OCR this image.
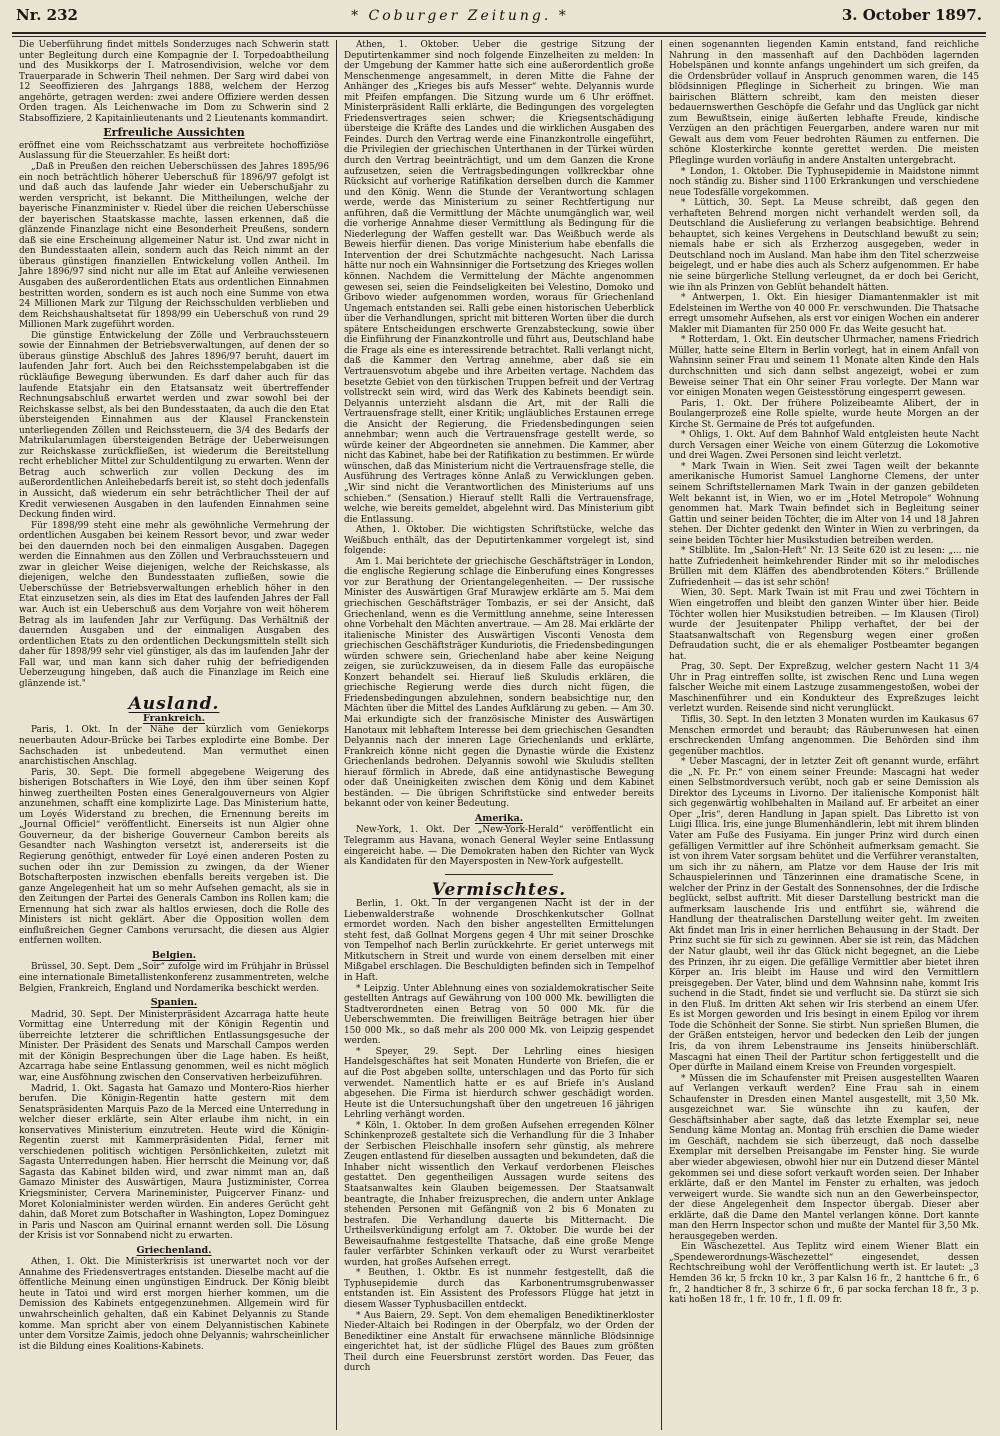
Nr. 232	* Coburger Zeitung. *	3. October 1897.

Die Ueberführung findet mittels Sonderzuges nach Schwerin statt unter Begleitung durch eine Kompagnie der I. Torpedoabtheilung und des Musikkorps der I. Matrosendivision, welche vor dem Trauerparade in Schwerin Theil nehmen. Der Sarg wird dabei von 12 Seeoffizieren des Jahrgangs 1888, welchem der Herzog angehörte, getragen werden: zwei andere Offiziere werden dessen Orden tragen. Als Leichenwache im Dom zu Schwerin sind 2 Stabsoffiziere, 2 Kapitainlieutenants und 2 Lieutenants kommandirt.

Erfreuliche Aussichten

eröffnet eine vom Reichsschatzamt aus verbreitete hochoffiziöse Auslassung für die Steuerzahler. Es heißt dort:

„Daß in Preußen den reichen Ueberschüssen des Jahres 1895/96 ein noch beträchtlich höherer Ueberschuß für 1896/97 gefolgt ist und daß auch das laufende Jahr wieder ein Ueberschußjahr zu werden verspricht, ist bekannt. Die Mittheilungen, welche der bayerische Finanzminister v. Riedel über die reichen Ueberschüsse der bayerischen Staatskasse machte, lassen erkennen, daß die glänzende Finanzlage nicht eine Besonderheit Preußens, sondern daß sie eine Erscheinung allgemeiner Natur ist. Und zwar nicht in den Bundesstaaten allein, sondern auch das Reich nimmt an der überaus günstigen finanziellen Entwickelung vollen Antheil. Im Jahre 1896/97 sind nicht nur alle im Etat auf Anleihe verwiesenen Ausgaben des außerordentlichen Etats aus ordentlichen Einnahmen bestritten worden, sondern es ist auch noch eine Summe von etwa 24 Millionen Mark zur Tilgung der Reichsschulden verblieben und dem Reichshaushaltsetat für 1898/99 ein Ueberschuß von rund 29 Millionen Mark zugeführt worden.

Die günstige Entwickelung der Zölle und Verbrauchssteuern sowie der Einnahmen der Betriebsverwaltungen, auf denen der so überaus günstige Abschluß des Jahres 1896/97 beruht, dauert im laufenden Jahr fort. Auch bei den Reichsstempelabgaben ist die rückläufige Bewegung überwunden. Es darf daher auch für das laufende Etatsjahr ein den Etatsansatz weit übertreffender Rechnungsabschluß erwartet werden und zwar sowohl bei der Reichskasse selbst, als bei den Bundesstaaten, da auch die den Etat übersteigenden Einnahmen aus der Klausel Franckenstein unterliegenden Zöllen und Reichssteuern, die 3/4 des Bedarfs der Matrikularumlagen übersteigenden Beträge der Ueberweisungen zur Reichskasse zurückfließen, ist wiederum die Bereitstellung recht erheblicher Mittel zur Schuldentilgung zu erwarten. Wenn der Betrag auch schwerlich zur vollen Deckung des im außerordentlichen Anleihebedarfs bereit ist, so steht doch jedenfalls in Aussicht, daß wiederum ein sehr beträchtlicher Theil der auf Kredit verwiesenen Ausgaben in den laufenden Einnahmen seine Deckung finden wird.

Für 1898/99 steht eine mehr als gewöhnliche Vermehrung der ordentlichen Ausgaben bei keinem Ressort bevor, und zwar weder bei den dauernden noch bei den einmaligen Ausgaben. Dagegen werden die Einnahmen aus den Zöllen und Verbrauchssteuern und zwar in gleicher Weise diejenigen, welche der Reichskasse, als diejenigen, welche den Bundesstaaten zufließen, sowie die Ueberschüsse der Betriebsverwaltungen erheblich höher in den Etat einzusetzen sein, als dies im Etat des laufenden Jahres der Fall war. Auch ist ein Ueberschuß aus dem Vorjahre von weit höherem Betrag als im laufenden Jahr zur Verfügung. Das Verhältniß der dauernden Ausgaben und der einmaligen Ausgaben des ordentlichen Etats zu den ordentlichen Deckungsmitteln stellt sich daher für 1898/99 sehr viel günstiger, als das im laufenden Jahr der Fall war, und man kann sich daher ruhig der befriedigenden Ueberzeugung hingeben, daß auch die Finanzlage im Reich eine glänzende ist."

Ausland.
Frankreich.

Paris, 1. Okt. In der Nähe der kürzlich vom Geniekorps neuerbauten Adour-Brücke bei Tarbes explodirte eine Bombe. Der Sachschaden ist unbedeutend. Man vermuthet einen anarchistischen Anschlag.

Paris, 30. Sept. Die formell abgegebene Weigerung des bisherigen Botschafters in Wie Loyé, den ihm über seinen Kopf hinweg zuertheilten Posten eines Generalgouverneurs von Algier anzunehmen, schafft eine komplizirte Lage. Das Ministerium hatte, um Loyés Widerstand zu brechen, die Ernennung bereits im „Journal Officiel“ veröffentlicht. Einerseits ist nun Algier ohne Gouverneur, da der bisherige Gouverneur Cambon bereits als Gesandter nach Washington versetzt ist, andererseits ist die Regierung genöthigt, entweder für Loyé einen anderen Posten zu suchen oder ihn zur Demission zu zwingen, da der Wiener Botschafterposten inzwischen ebenfalls bereits vergeben ist. Die ganze Angelegenheit hat um so mehr Aufsehen gemacht, als sie in den Zeitungen der Partei des Generals Cambon ins Rollen kam; die Ernennung hat sich zwar als haltlos erwiesen, doch die Rolle des Ministers ist nicht geklärt. Aber die Opposition wollen dem einflußreichen Gegner Cambons verursacht, die diesen aus Algier entfernen wollten.

Belgien.

Brüssel, 30. Sept. Dem „Soir“ zufolge wird im Frühjahr in Brüssel eine internationale Bimetallistenkonferenz zusammentreten, welche Belgien, Frankreich, England und Nordamerika beschickt werden.

Spanien.

Madrid, 30. Sept. Der Ministerpräsident Azcarraga hatte heute Vormittag eine Unterredung mit der Königin Regentin und überreichte letzterer die schriftlichen Entlassungsgesuche der Minister. Der Präsident des Senats und Marschall Campos werden mit der Königin Besprechungen über die Lage haben. Es heißt, Azcarraga habe seine Entlassung genommen, weil es nicht möglich war, eine Ausföhnung zwischen den Conservativen herbeizuführen.

Madrid, 1. Okt. Sagasta hat Gamazo und Montero-Rios hierher berufen. Die Königin-Regentin hatte gestern mit dem Senatspräsidenten Marquis Pazo de la Merced eine Unterredung in welcher dieser erklärte, sein Alter erlaube ihm nicht, in ein konservatives Ministerium einzutreten. Heute wird die Königin-Regentin zuerst mit Kammerpräsidenten Pidal, ferner mit verschiedenen politisch wichtigen Persönlichkeiten, zuletzt mit Sagasta Unterredungen haben. Hier herrscht die Meinung vor, daß Sagasta das Kabinet bilden wird, und zwar nimmt man an, daß Gamazo Minister des Auswärtigen, Maura Justizminister, Correa Kriegsminister, Cervera Marineminister, Puigcerver Finanz- und Moret Kolonialminister werden würden. Ein anderes Gerücht geht dahin, daß Moret zum Botschafter in Washington, Lopez Dominguez in Paris und Nascon am Quirinal ernannt werden soll. Die Lösung der Krisis ist vor Sonnabend nicht zu erwarten.

Griechenland.

Athen, 1. Okt. Die Ministerkrisis ist unerwartet noch vor der Annahme des Friedensvertrages entstanden. Dieselbe macht auf die öffentliche Meinung einen ungünstigen Eindruck. Der König bleibt heute in Tatoi und wird erst morgen hierher kommen, um die Demission des Kabinets entgegenzunehmen. Allgemein wird für unwahrscheinlich gehalten, daß ein Kabinet Delyannis zu Stande komme. Man spricht aber von einem Delyannistischen Kabinete unter dem Vorsitze Zaimis, jedoch ohne Delyannis; wahrscheinlicher ist die Bildung eines Koalitions-Kabinets.

Athen, 1. Oktober. Ueber die gestrige Sitzung der Deputirtenkammer sind noch folgende Einzelheiten zu melden: In der Umgebung der Kammer hatte sich eine außerordentlich große Menschenmenge angesammelt, in deren Mitte die Fahne der Anhänger des „Krieges bis aufs Messer“ wehte. Delyannis wurde mit Pfeifen empfangen. Die Sitzung wurde um 6 Uhr eröffnet. Ministerpräsident Ralli erklärte, die Bedingungen des vorgelegten Friedensvertrages seien schwer; die Kriegsentschädigung übersteige die Kräfte des Landes und die wirklichen Ausgaben des Feindes. Durch den Vertrag werde eine Finanzkontrolle eingeführt, die Privilegien der griechischen Unterthanen in der Türkei würden durch den Vertrag beeinträchtigt, und um dem Ganzen die Krone aufzusetzen, seien die Vertragsbedingungen vollkreckbar ohne Rücksicht auf vorherige Ratifikation derselben durch die Kammer und den König. Wenn die Stunde der Verantwortung schlagen werde, werde das Ministerium zu seiner Rechtfertigung nur anführen, daß die Vermittlung der Mächte unumgänglich war, weil die vorherige Annahme dieser Vermittlung als Bedingung für die Niederlegung der Waffen gestellt war. Das Weißbuch werde als Beweis hierfür dienen. Das vorige Ministerium habe ebenfalls die Intervention der drei Schutzmächte nachgesucht. Nach Larissa hätte nur noch ein Wahnsinniger die Fortsetzung des Krieges wollen können. Nachdem die Vermittelung der Mächte angenommen gewesen sei, seien die Feindseligkeiten bei Velestino, Domoko und Gribovo wieder aufgenommen worden, woraus für Griechenland Ungemach entstanden sei. Ralli gebe einen historischen Ueberblick über die Verhandlungen, spricht mit bitteren Worten über die durch spätere Entscheidungen erschwerte Grenzabsteckung, sowie über die Einführung der Finanzkontrolle und führt aus, Deutschland habe die Frage als eine es interessirende betrachtet. Ralli verlangt nicht, daß die Kammer den Vertrag annehme, aber daß sie ein Vertrauensvotum abgebe und ihre Arbeiten vertage. Nachdem das besetzte Gebiet von den türkischen Truppen befreit und der Vertrag vollstreckt sein wird, wird das Werk des Kabinets beendigt sein. Delyannis unterzieht alsdann die Art, mit der Ralli die Vertrauensfrage stellt, einer Kritik; ungläubliches Erstaunen errege die Ansicht der Regierung, die Friedensbedingungen seien annehmbar; wenn auch die Vertrauensfrage gestellt werde, so würde keiner der Abgeordneten sie annehmen. Die Kammer, aber nicht das Kabinet, habe bei der Ratifikation zu bestimmen. Er würde wünschen, daß das Ministerium nicht die Vertrauensfrage stelle, die Ausführung des Vertrages könne Anlaß zu Verwicklungen geben. „Wir sind nicht die Verantwortlichen des Ministeriums auf uns schieben.“ (Sensation.) Hierauf stellt Ralli die Vertrauensfrage, welche, wie bereits gemeldet, abgelehnt wird. Das Ministerium gibt die Entlassung.

Athen, 1. Oktober. Die wichtigsten Schriftstücke, welche das Weißbuch enthält, das der Deputirtenkammer vorgelegt ist, sind folgende:

Am 1. Mai berichtete der griechische Geschäftsträger in London, die englische Regierung schlage die Einberufung eines Kongresses vor zur Berathung der Orientangelegenheiten. — Der russische Minister des Auswärtigen Graf Murawjew erklärte am 5. Mai dem griechischen Geschäftsträger Tombazis, er sei der Ansicht, daß Griechenland, wenn es die Vermittlung annehme, seine Interessen ohne Vorbehalt den Mächten anvertraue. — Am 28. Mai erklärte der italienische Minister des Auswärtigen Visconti Venosta dem griechischen Geschäftsträger Kunduriotis, die Friedensbedingungen würden schwere sein, Griechenland habe aber keine Neigung zeigen, sie zurückzuweisen, da in diesem Falle das europäische Konzert behandelt sei. Hierauf ließ Skuludis erklären, die griechische Regierung werde dies durch nicht fügen, die Friedensbedingungen abzulehnen, sondern beabsichtige nur, den Mächten über die Mittel des Landes Aufklärung zu geben. — Am 30. Mai erkundigte sich der französische Minister des Auswärtigen Hanotaux mit lebhaftem Interesse bei dem griechischen Gesandten Delyannis nach der inneren Lage Griechenlands und erklärte, Frankreich könne nicht gegen die Dynastie würde die Existenz Griechenlands bedrohen. Delyannis sowohl wie Skuludis stellten hierauf förmlich in Abrede, daß eine antidynastische Bewegung oder daß Uneinigkeiten zwischen dem König und dem Kabinet beständen. — Die übrigen Schriftstücke sind entweder bereits bekannt oder von keiner Bedeutung.

Amerika.

New-York, 1. Okt. Der „New-York-Herald“ veröffentlicht ein Telegramm aus Havana, wonach General Weyler seine Entlassung eingereicht habe. — Die Demokraten haben den Richter van Wyck als Kandidaten für den Mayersposten in New-York aufgestellt.

Vermischtes.

Berlin, 1. Okt. In der vergangenen Nacht ist der in der Liebenwalderstraße wohnende Droschkenkutscher Gollnat ermordet worden. Nach den bisher angestellten Ermittelungen steht fest, daß Gollnat Morgens gegen 4 Uhr mit seiner Droschke von Tempelhof nach Berlin zurückkehrte. Er geriet unterwegs mit Mitkutschern in Streit und wurde von einem derselben mit einer Mißgabel erschlagen. Die Beschuldigten befinden sich in Tempelhof in Haft.

* Leipzig. Unter Ablehnung eines von sozialdemokratischer Seite gestellten Antrags auf Gewährung von 100 000 Mk. bewilligten die Stadtverordneten einen Betrag von 50 000 Mk. für die Ueberschwemmten. Die freiwilligen Beiträge betragen hier über 150 000 Mk., so daß mehr als 200 000 Mk. von Leipzig gespendet werden.

* Speyer, 29. Sept. Der Lehrling eines hiesigen Handelsgeschäftes hat seit Monaten Hunderte von Briefen, die er auf die Post abgeben sollte, unterschlagen und das Porto für sich verwendet. Namentlich hatte er es auf Briefe in's Ausland abgesehen. Die Firma ist hierdurch schwer geschädigt worden. Heute ist die Untersuchungshaft über den ungetreuen 16 jährigen Lehrling verhängt worden.

* Köln, 1. Oktober. In dem großen Aufsehen erregenden Kölner Schinkenprozeß gestaltete sich die Verhandlung für die 3 Inhaber der Serbischen Fleischhalle insofern sehr günstig, als mehrere Zeugen entlastend für dieselben aussagten und bekundeten, daß die Inhaber nicht wissentlich den Verkauf verdorbenen Fleisches gestattet. Den gegentheiligen Aussagen wurde seitens des Staatsanwaltes kein Glauben beigemessen. Der Staatsanwalt beantragte, die Inhaber freizusprechen, die andern unter Anklage stehenden Personen mit Gefängniß von 2 bis 6 Monaten zu bestrafen. Die Verhandlung dauerte bis Mitternacht. Die Urtheilsverkündigung erfolgt am 7. Oktober. Die wurde bei der Beweisaufnahme festgestellte Thatsache, daß eine große Menge fauler verfärbter Schinken verkauft oder zu Wurst verarbeitet wurden, hat großes Aufsehen erregt.

* Beuthen, 1. Oktbr. Es ist nunmehr festgestellt, daß die Typhusepidemie durch das Karbonentrumsgrubenwasser entstanden ist. Ein Assistent des Professors Flügge hat jetzt in diesem Wasser Typhusbacillen entdeckt.

* Aus Baiern, 29. Sept. Von dem ehemaligen Benediktinerkloster Nieder-Altaich bei Rodingen in der Oberpfalz, wo der Orden der Benediktiner eine Anstalt für erwachsene männliche Blödsinnige eingerichtet hat, ist der südliche Flügel des Baues zum größten Theil durch eine Feuersbrunst zerstört worden. Das Feuer, das durch

einen sogenannten liegenden Kamin entstand, fand reichliche Nahrung in den massenhaft auf den Dachböden lagernden Hobelspänen und konnte anfangs ungehindert um sich greifen, da die Ordensbrüder vollauf in Anspruch genommen waren, die 145 blödsinnigen Pfleglinge in Sicherheit zu bringen. Wie man bairischen Blättern schreibt, kam den meisten dieser bedauernswerthen Geschöpfe die Gefahr und das Unglück gar nicht zum Bewußtsein, einige äußerten lebhafte Freude, kindische Verzügen an den prächtigen Feuergarben, andere waren nur mit Gewalt aus dem vom Feuer bedrohten Räumen zu entfernen. Die schöne Klosterkirche konnte gerettet werden. Die meisten Pfleglinge wurden vorläufig in andere Anstalten untergebracht.

* London, 1. Oktober. Die Typhusepidemie in Maidstone nimmt noch ständig zu. Bisher sind 1100 Erkrankungen und verschiedene neue Todesfälle vorgekommen.

* Lüttich, 30. Sept. La Meuse schreibt, daß gegen den verhafteten Behrend morgen nicht verhandelt werden soll, da Deutschland die Auslieferung zu verlangen beabsichtige. Behrend behauptet, sich keines Vergehens in Deutschland bewußt zu sein; niemals habe er sich als Erzherzog ausgegeben, weder in Deutschland noch im Ausland. Man habe ihm den Titel scherzweise beigelegt, und er habe dies auch als Scherz aufgenommen. Er habe nie seine bürgerliche Stellung verleugnet, da er doch bei Gericht, wie ihn als Prinzen von Geblüt behandelt hätten.

* Antwerpen, 1. Okt. Ein hiesiger Diamantenmakler ist mit Edelsteinen im Werthe von 40 000 Fr. verschwunden. Die Thatsache erregt umsomehr Aufsehen, als erst vor einigen Wochen ein anderer Makler mit Diamanten für 250 000 Fr. das Weite gesucht hat.

* Rotterdam, 1. Okt. Ein deutscher Uhrmacher, namens Friedrich Müller, hatte seine Eltern in Berlin vorlegt, hat in einem Anfall von Wahnsinn seiner Frau und seinem 11 Monate alten Kinde den Hals durchschnitten und sich dann selbst angezeigt, wobei er zum Beweise seiner That ein Ohr seiner Frau vorlegte. Der Mann war vor einigen Monaten wegen Geistesstörung eingesperrt gewesen.

Paris, 1. Okt. Der frühere Polizeibeamte Alibert, der in Boulangerprozeß eine Rolle spielte, wurde heute Morgen an der Kirche St. Germaine de Prés tot aufgefunden.

* Ohligs, 1. Okt. Auf dem Bahnhof Wald entgleisten heute Nacht durch Versagen einer Weiche von einem Güterzug die Lokomotive und drei Wagen. Zwei Personen sind leicht verletzt.

* Mark Twain in Wien. Seit zwei Tagen weilt der bekannte amerikanische Humorist Samuel Langhorne Clemens, der unter seinem Schriftstellernamen Mark Twain in der ganzen gebildeten Welt bekannt ist, in Wien, wo er im „Hotel Metropole“ Wohnung genommen hat. Mark Twain befindet sich in Begleitung seiner Gattin und seiner beiden Töchter, die im Alter von 14 und 18 Jahren stehen. Der Dichter gedenkt den Winter in Wien zu verbringen, da seine beiden Töchter hier Musikstudien betreiben werden.

* Stilblüte. Im „Salon-Heft“ Nr. 13 Seite 620 ist zu lesen: „... nie hatte Zufriedenheit heimkehrender Rinder mit so ihr melodisches Brüllen mit dem Kläffen des abendbrotenden Köters.“ Brüllende Zufriedenheit — das ist sehr schön!

Wien, 30. Sept. Mark Twain ist mit Frau und zwei Töchtern in Wien eingetroffen und bleibt den ganzen Winter über hier. Beide Töchter wollen hier Musikstudien betreiben. — Im Klausen (Tirol) wurde der Jesuitenpater Philipp verhaftet, der bei der Staatsanwaltschaft von Regensburg wegen einer großen Defraudation sucht, die er als ehemaliger Postbeamter begangen hat.

Prag, 30. Sept. Der Expreßzug, welcher gestern Nacht 11 3/4 Uhr in Prag eintreffen sollte, ist zwischen Renc und Luna wegen falscher Weiche mit einem Lastzuge zusammengestoßen, wobei der Maschinenführer und ein Kondukteur des Expreßzuges leicht verletzt wurden. Reisende sind nicht verunglückt.

Tiflis, 30. Sept. In den letzten 3 Monaten wurden im Kaukasus 67 Menschen ermordet und beraubt; das Räuberunwesen hat einen erschreckenden Umfang angenommen. Die Behörden sind ihm gegenüber machtlos.

* Ueber Mascagni, der in letzter Zeit oft genannt wurde, erfährt die „N. Fr. Pr.“ von einem seiner Freunde: Mascagni hat weder einen Selbstmordversuch verübt, noch gab er seine Demission als Direktor des Lyceums in Livorno. Der italienische Komponist hält sich gegenwärtig wohlbehalten in Mailand auf. Er arbeitet an einer Oper „Iris“, deren Handlung in Japan spielt. Das Libretto ist von Luigi Illica. Iris, eine junge Blumenhändlerin, lebt mit ihrem blinden Vater am Fuße des Fusiyama. Ein junger Prinz wird durch einen gefälligen Vermittler auf ihre Schönheit aufmerksam gemacht. Sie ist von ihrem Vater sorgsam behütet und die Verführer veranstalten, um sich ihr zu nähern, am Platze vor dem Hause der Iris mit Schauspielerinnen und Tänzerinnen eine dramatische Scene, in welcher der Prinz in der Gestalt des Sonnensohnes, der die Irdische beglückt, selbst auftritt. Mit dieser Darstellung bestrickt man die aufmerksam lauschende Iris und entführt sie, während die Handlung der theatralischen Darstellung weiter geht. Im zweiten Akt findet man Iris in einer herrlichen Behausung in der Stadt. Der Prinz sucht sie für sich zu gewinnen. Aber sie ist rein, das Mädchen der Natur glaubt, weil ihr das Glück nicht begegnet, an die Liebe des Prinzen, ihr zu eigen. Die gefällige Vermittler aber bietet ihren Körper an. Iris bleibt im Hause und wird den Vermittlern preisgegeben. Der Vater, blind und dem Wahnsinn nahe, kommt Iris suchend in die Stadt, findet sie und verflucht sie. Da stürzt sie sich in den Fluß. Im dritten Akt sehen wir Iris sterbend an einem Ufer. Es ist Morgen geworden und Iris besingt in einem Epilog vor ihrem Tode die Schönheit der Sonne. Sie stirbt. Nun sprießen Blumen, die der Gräßen entsteigen, hervor und bedecken den Leib der jungen Iris, da von ihrem Lebenstraume ins Jenseits hinüberschläft. Mascagni hat einen Theil der Partitur schon fertiggestellt und die Oper dürfte in Mailand einem Kreise von Freunden vorgespielt.

* Müssen die im Schaufenster mit Preisen ausgestellten Waaren auf Verlangen verkauft werden? Eine Frau sah in einem Schaufenster in Dresden einen Mantel ausgestellt, mit 3,50 Mk. ausgezeichnet war. Sie wünschte ihn zu kaufen, der Geschäftsinhaber aber sagte, daß das letzte Exemplar sei, neue Sendung käme Montag an. Montag früh erschien die Dame wieder im Geschäft, nachdem sie sich überzeugt, daß noch dasselbe Exemplar mit derselben Preisangabe im Fenster hing. Sie wurde aber wieder abgewiesen, obwohl hier nur ein Dutzend dieser Mäntel gekommen sei und diese sofort verkauft worden seien. Der Inhaber erklärte, daß er den Mantel im Fenster zu erhalten, was jedoch verweigert wurde. Sie wandte sich nun an den Gewerbeinspector, der diese Angelegenheit dem Inspector übergab. Dieser aber erklärte, daß die Dame den Mantel verlangen könne. Dort kannte man den Herrn Inspector schon und mußte der Mantel für 3,50 Mk. herausgegeben werden.

Ein Wäschezettel. Aus Teplitz wird einem Wiener Blatt ein „Spendewerordnungs-Wäschezettel“ eingesendet, dessen Rechtschreibung wohl der Veröffentlichung werth ist. Er lautet: „3 Hemden 36 kr, 5 frckn 10 kr., 3 par Kalsn 16 fr., 2 hanttche 6 fr., 6 fr., 2 handticher 8 fr., 3 schirze 6 fr., 6 par socka ferchan 18 fr., 3 p. kati hoßen 18 fr., 1 fr. 10 fr., 1 fl. 09 fr.
